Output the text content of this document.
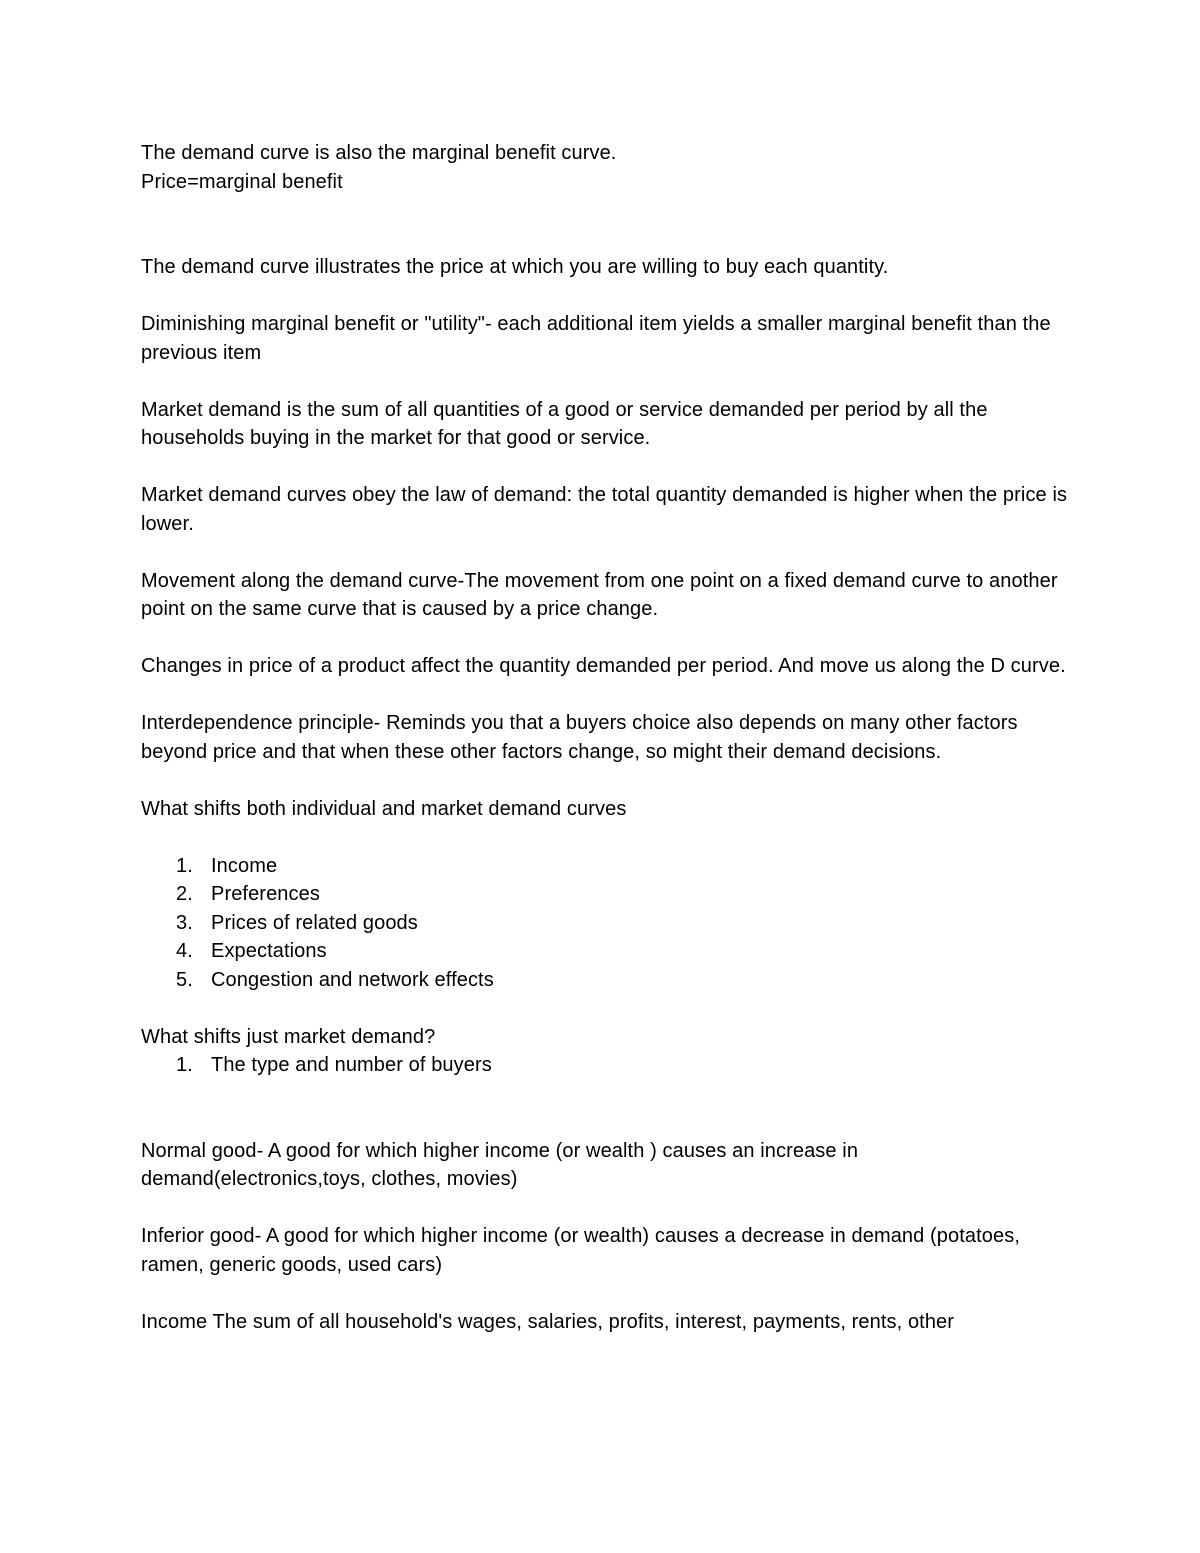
The demand curve is also the marginal benefit curve.

Price=marginal benefit

The demand curve illustrates the price at which you are willing to buy each quantity.

Diminishing marginal benefit or "utility"- each additional item yields a smaller marginal benefit than the previous item

Market demand is the sum of all quantities of a good or service demanded per period by all the households buying in the market for that good or service.

Market demand curves obey the law of demand: the total quantity demanded is higher when the price is lower.

Movement along the demand curve-The movement from one point on a fixed demand curve to another point on the same curve that is caused by a price change.

Changes in price of a product affect the quantity demanded per period. And move us along the D curve.

Interdependence principle- Reminds you that a buyers choice also depends on many other factors beyond price and that when these other factors change, so might their demand decisions.

What shifts both individual and market demand curves

1. Income
2. Preferences
3. Prices of related goods
4. Expectations
5. Congestion and network effects

What shifts just market demand?

1. The type and number of buyers

Normal good- A good for which higher income (or wealth ) causes an increase in demand(electronics,toys, clothes, movies)

Inferior good- A good for which higher income (or wealth) causes a decrease in demand (potatoes, ramen, generic goods, used cars)

Income The sum of all household's wages, salaries, profits, interest, payments, rents, other
